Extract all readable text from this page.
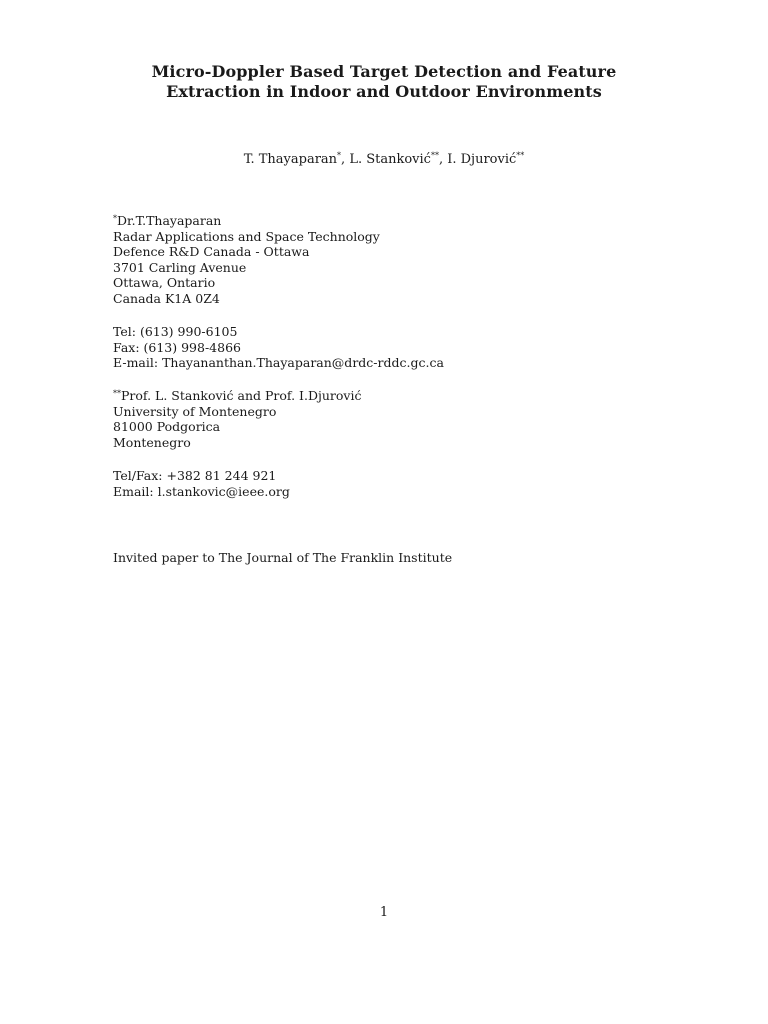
Micro-Doppler Based Target Detection and Feature
Extraction in Indoor and Outdoor Environments
T. Thayaparan*, L. Stanković**, I. Djurović**
*Dr.T.Thayaparan
Radar Applications and Space Technology
Defence R&D Canada - Ottawa
3701 Carling Avenue
Ottawa, Ontario
Canada K1A 0Z4
Tel: (613) 990-6105
Fax: (613) 998-4866
E-mail: Thayananthan.Thayaparan@drdc-rddc.gc.ca
**Prof. L. Stanković and Prof. I.Djurović
University of Montenegro
81000 Podgorica
Montenegro
Tel/Fax: +382 81 244 921
Email: l.stankovic@ieee.org
Invited paper to The Journal of The Franklin Institute
1
